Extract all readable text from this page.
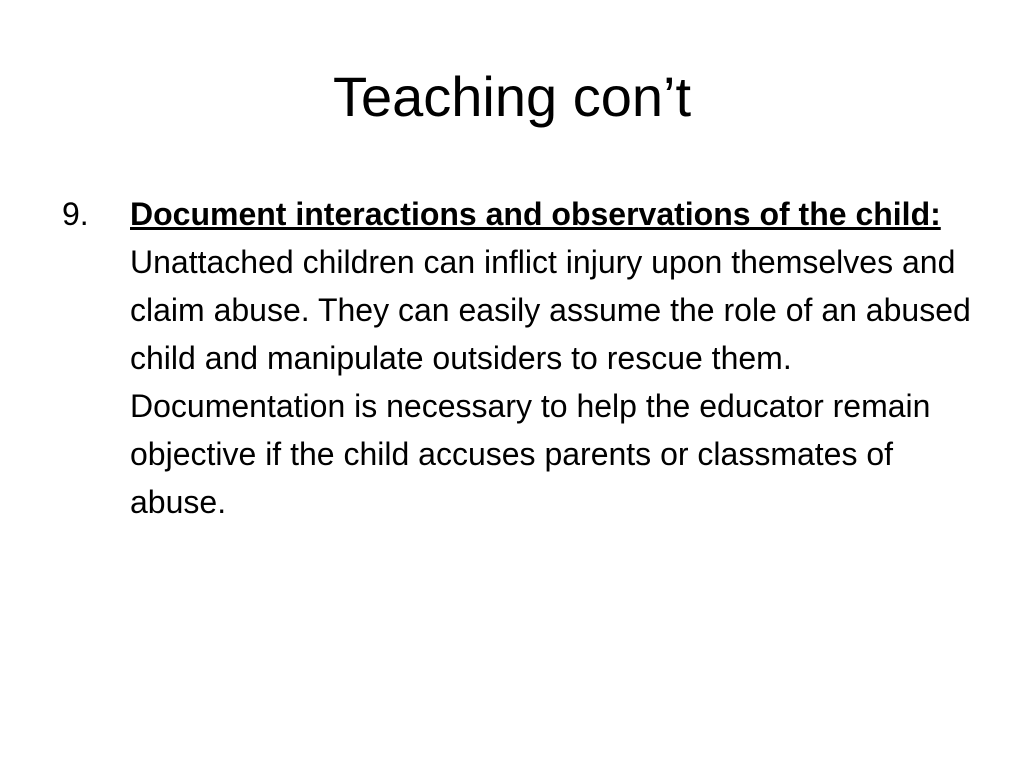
Teaching con’t
9.	Document interactions and observations of the child:  Unattached children can inflict injury upon themselves and claim abuse. They can easily assume the role of an abused child and manipulate outsiders to rescue them. Documentation is necessary to help the educator remain objective if the child accuses parents or classmates of abuse.
